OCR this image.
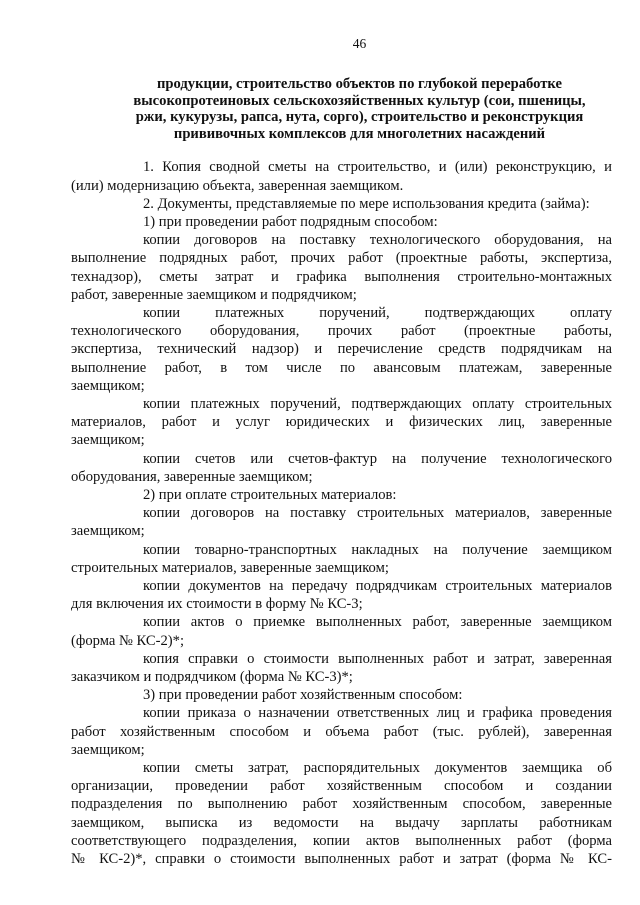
46
продукции, строительство объектов по глубокой переработке
высокопротеиновых сельскохозяйственных культур (сои, пшеницы,
ржи, кукурузы, рапса, нута, сорго), строительство и реконструкция
прививочных комплексов для многолетних насаждений
1. Копия сводной сметы на строительство, и (или) реконструкцию, и
(или) модернизацию объекта, заверенная заемщиком.
2. Документы, представляемые по мере использования кредита (займа):
1) при проведении работ подрядным способом:
копии договоров на поставку технологического оборудования, на
выполнение подрядных работ, прочих работ (проектные работы, экспертиза,
технадзор), сметы затрат и графика выполнения строительно-монтажных
работ, заверенные заемщиком и подрядчиком;
копии платежных поручений, подтверждающих оплату
технологического оборудования, прочих работ (проектные работы,
экспертиза, технический надзор) и перечисление средств подрядчикам на
выполнение работ, в том числе по авансовым платежам, заверенные
заемщиком;
копии платежных поручений, подтверждающих оплату строительных
материалов, работ и услуг юридических и физических лиц, заверенные
заемщиком;
копии счетов или счетов-фактур на получение технологического
оборудования, заверенные заемщиком;
2) при оплате строительных материалов:
копии договоров на поставку строительных материалов, заверенные
заемщиком;
копии товарно-транспортных накладных на получение заемщиком
строительных материалов, заверенные заемщиком;
копии документов на передачу подрядчикам строительных материалов
для включения их стоимости в форму № КС-3;
копии актов о приемке выполненных работ, заверенные заемщиком
(форма № КС-2)*;
копия справки о стоимости выполненных работ и затрат, заверенная
заказчиком и подрядчиком (форма № КС-3)*;
3) при проведении работ хозяйственным способом:
копии приказа о назначении ответственных лиц и графика проведения
работ хозяйственным способом и объема работ (тыс. рублей), заверенная
заемщиком;
копии сметы затрат, распорядительных документов заемщика об
организации, проведении работ хозяйственным способом и создании
подразделения по выполнению работ хозяйственным способом, заверенные
заемщиком, выписка из ведомости на выдачу зарплаты работникам
соответствующего подразделения, копии актов выполненных работ (форма
№ КС-2)*, справки о стоимости выполненных работ и затрат (форма № КС-
